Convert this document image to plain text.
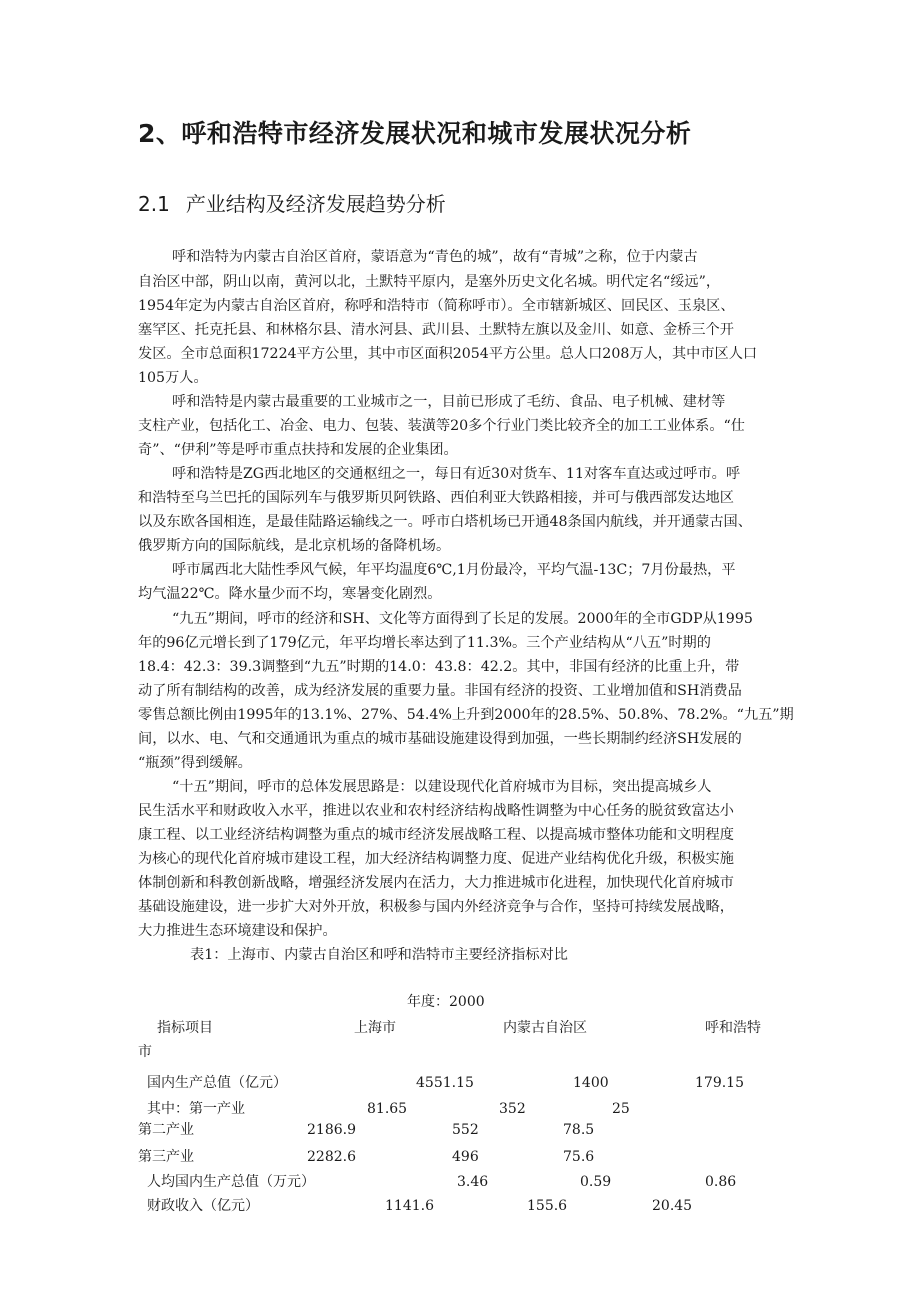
2、呼和浩特市经济发展状况和城市发展状况分析
2.1 产业结构及经济发展趋势分析
呼和浩特为内蒙古自治区首府，蒙语意为“青色的城”，故有“青城”之称，位于内蒙古
自治区中部，阴山以南，黄河以北，土默特平原内，是塞外历史文化名城。明代定名“绥远”，
1954年定为内蒙古自治区首府，称呼和浩特市（简称呼市）。全市辖新城区、回民区、玉泉区、
塞罕区、托克托县、和林格尔县、清水河县、武川县、土默特左旗以及金川、如意、金桥三个开
发区。全市总面积17224平方公里，其中市区面积2054平方公里。总人口208万人，其中市区人口
105万人。
呼和浩特是内蒙古最重要的工业城市之一，目前已形成了毛纺、食品、电子机械、建材等
支柱产业，包括化工、冶金、电力、包装、装潢等20多个行业门类比较齐全的加工工业体系。“仕
奇”、“伊利”等是呼市重点扶持和发展的企业集团。
呼和浩特是ZG西北地区的交通枢纽之一，每日有近30对货车、11对客车直达或过呼市。呼
和浩特至乌兰巴托的国际列车与俄罗斯贝阿铁路、西伯利亚大铁路相接，并可与俄西部发达地区
以及东欧各国相连，是最佳陆路运输线之一。呼市白塔机场已开通48条国内航线，并开通蒙古国、
俄罗斯方向的国际航线，是北京机场的备降机场。
呼市属西北大陆性季风气候，年平均温度6℃,1月份最冷，平均气温-13C；7月份最热，平
均气温22℃。降水量少而不均，寒暑变化剧烈。
“九五”期间，呼市的经济和SH、文化等方面得到了长足的发展。2000年的全市GDP从1995
年的96亿元增长到了179亿元，年平均增长率达到了11.3%。三个产业结构从“八五”时期的
18.4：42.3：39.3调整到“九五”时期的14.0：43.8：42.2。其中，非国有经济的比重上升，带
动了所有制结构的改善，成为经济发展的重要力量。非国有经济的投资、工业增加值和SH消费品
零售总额比例由1995年的13.1%、27%、54.4%上升到2000年的28.5%、50.8%、78.2%。“九五”期
间，以水、电、气和交通通讯为重点的城市基础设施建设得到加强，一些长期制约经济SH发展的
“瓶颈”得到缓解。
“十五”期间，呼市的总体发展思路是：以建设现代化首府城市为目标，突出提高城乡人
民生活水平和财政收入水平，推进以农业和农村经济结构战略性调整为中心任务的脱贫致富达小
康工程、以工业经济结构调整为重点的城市经济发展战略工程、以提高城市整体功能和文明程度
为核心的现代化首府城市建设工程，加大经济结构调整力度、促进产业结构优化升级，积极实施
体制创新和科教创新战略，增强经济发展内在活力，大力推进城市化进程，加快现代化首府城市
基础设施建设，进一步扩大对外开放，积极参与国内外经济竞争与合作，坚持可持续发展战略，
大力推进生态环境建设和保护。
表1：上海市、内蒙古自治区和呼和浩特市主要经济指标对比
年度：2000
指标项目	上海市	内蒙古自治区	呼和浩特
市
国内生产总值（亿元）	4551.15	1400	179.15
其中：第一产业	81.65	352	25
第二产业	2186.9	552	78.5
第三产业	2282.6	496	75.6
人均国内生产总值（万元）	3.46	0.59	0.86
财政收入（亿元）	1141.6	155.6	20.45
